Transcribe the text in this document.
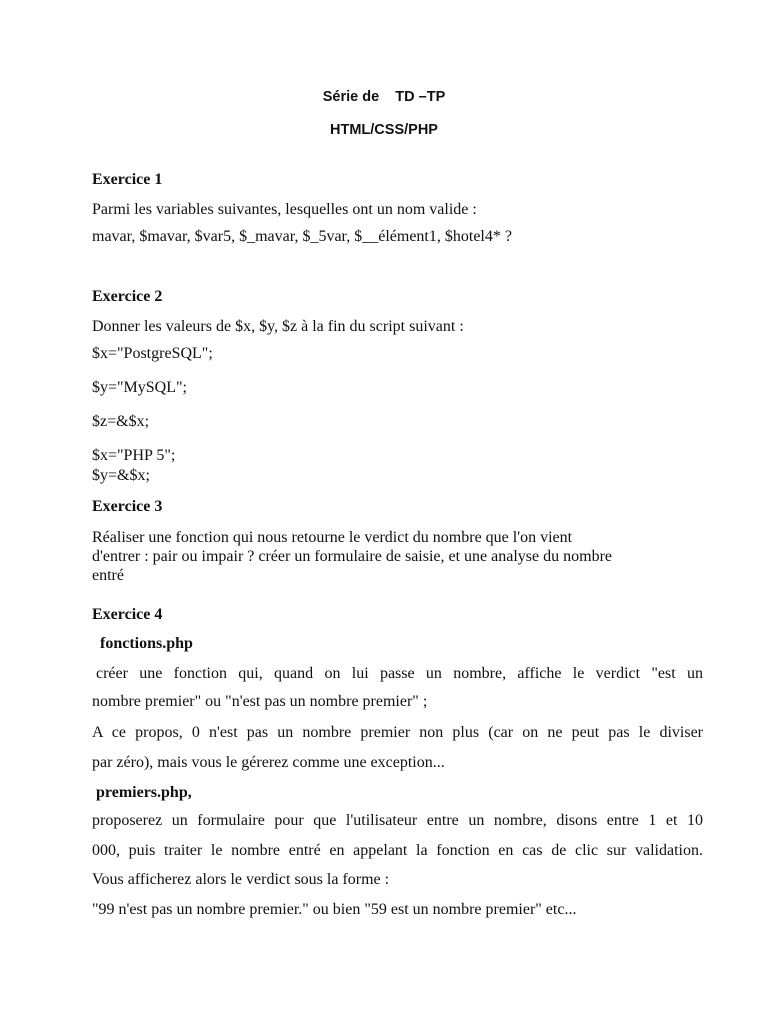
Série de    TD –TP
HTML/CSS/PHP
Exercice 1
Parmi les variables suivantes, lesquelles ont un nom valide :
mavar, $mavar, $var5, $_mavar, $_5var, $__élément1, $hotel4* ?
Exercice 2
Donner les valeurs de $x, $y, $z à la fin du script suivant :
$x="PostgreSQL";
$y="MySQL";
$z=&$x;
$x="PHP 5";
$y=&$x;
Exercice 3
Réaliser une fonction qui nous retourne le verdict du nombre que l'on vient
d'entrer : pair ou impair ? créer un formulaire de saisie, et une analyse du nombre
entré
Exercice 4
fonctions.php
créer une fonction qui, quand on lui passe un nombre, affiche le verdict "est un
nombre premier" ou "n'est pas un nombre premier" ;
A ce propos, 0 n'est pas un nombre premier non plus (car on ne peut pas le diviser
par zéro), mais vous le gérerez comme une exception...
premiers.php,
proposerez un formulaire pour que l'utilisateur entre un nombre, disons entre 1 et 10
000, puis traiter le nombre entré en appelant la fonction en cas de clic sur validation.
Vous afficherez alors le verdict sous la forme :
"99 n'est pas un nombre premier." ou bien "59 est un nombre premier" etc...
